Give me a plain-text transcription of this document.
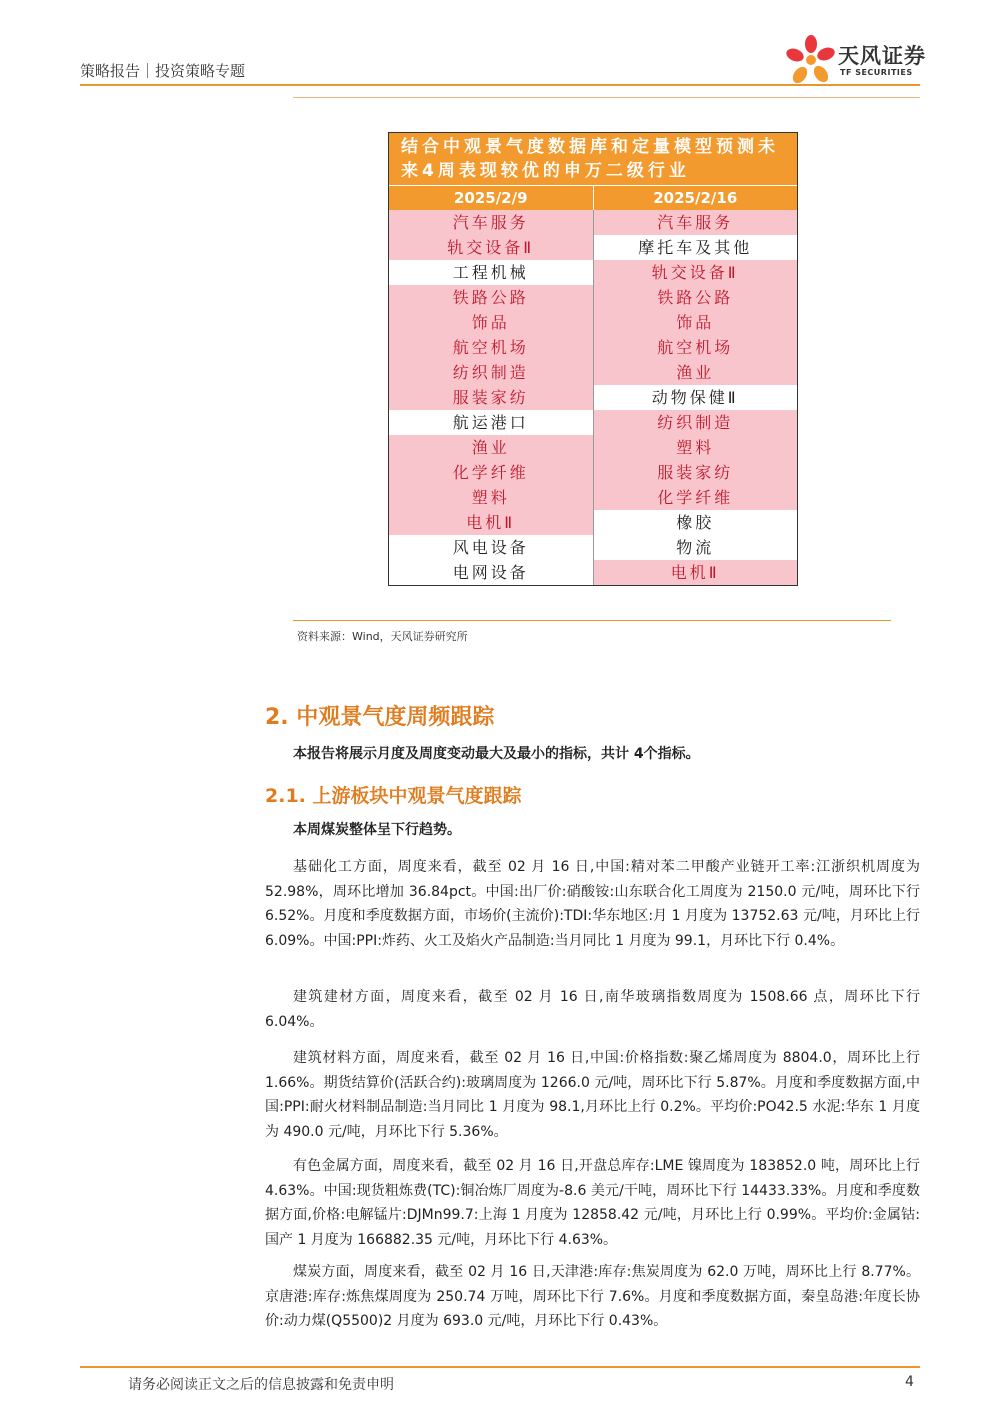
策略报告｜投资策略专题
天风证券
TF SECURITIES
结合中观景气度数据库和定量模型预测未来4周表现较优的申万二级行业
2025/2/9	2025/2/16
汽车服务	汽车服务
轨交设备Ⅱ	摩托车及其他
工程机械	轨交设备Ⅱ
铁路公路	铁路公路
饰品	饰品
航空机场	航空机场
纺织制造	渔业
服装家纺	动物保健Ⅱ
航运港口	纺织制造
渔业	塑料
化学纤维	服装家纺
塑料	化学纤维
电机Ⅱ	橡胶
风电设备	物流
电网设备	电机Ⅱ
资料来源：Wind，天风证券研究所
2. 中观景气度周频跟踪
本报告将展示月度及周度变动最大及最小的指标，共计 4个指标。
2.1. 上游板块中观景气度跟踪
本周煤炭整体呈下行趋势。
基础化工方面，周度来看，截至 02 月 16 日,中国:精对苯二甲酸产业链开工率:江浙织机周度为 52.98%，周环比增加 36.84pct。中国:出厂价:硝酸铵:山东联合化工周度为 2150.0 元/吨，周环比下行 6.52%。月度和季度数据方面，市场价(主流价):TDI:华东地区:月 1 月度为 13752.63 元/吨，月环比上行 6.09%。中国:PPI:炸药、火工及焰火产品制造:当月同比 1 月度为 99.1，月环比下行 0.4%。
建筑建材方面，周度来看，截至 02 月 16 日,南华玻璃指数周度为 1508.66 点，周环比下行 6.04%。
建筑材料方面，周度来看，截至 02 月 16 日,中国:价格指数:聚乙烯周度为 8804.0，周环比上行 1.66%。期货结算价(活跃合约):玻璃周度为 1266.0 元/吨，周环比下行 5.87%。月度和季度数据方面,中国:PPI:耐火材料制品制造:当月同比 1 月度为 98.1,月环比上行 0.2%。平均价:PO42.5 水泥:华东 1 月度为 490.0 元/吨，月环比下行 5.36%。
有色金属方面，周度来看，截至 02 月 16 日,开盘总库存:LME 镍周度为 183852.0 吨，周环比上行 4.63%。中国:现货粗炼费(TC):铜冶炼厂周度为-8.6 美元/干吨，周环比下行 14433.33%。月度和季度数据方面,价格:电解锰片:DJMn99.7:上海 1 月度为 12858.42 元/吨，月环比上行 0.99%。平均价:金属钴:国产 1 月度为 166882.35 元/吨，月环比下行 4.63%。
煤炭方面，周度来看，截至 02 月 16 日,天津港:库存:焦炭周度为 62.0 万吨，周环比上行 8.77%。京唐港:库存:炼焦煤周度为 250.74 万吨，周环比下行 7.6%。月度和季度数据方面，秦皇岛港:年度长协价:动力煤(Q5500)2 月度为 693.0 元/吨，月环比下行 0.43%。
请务必阅读正文之后的信息披露和免责申明	4
